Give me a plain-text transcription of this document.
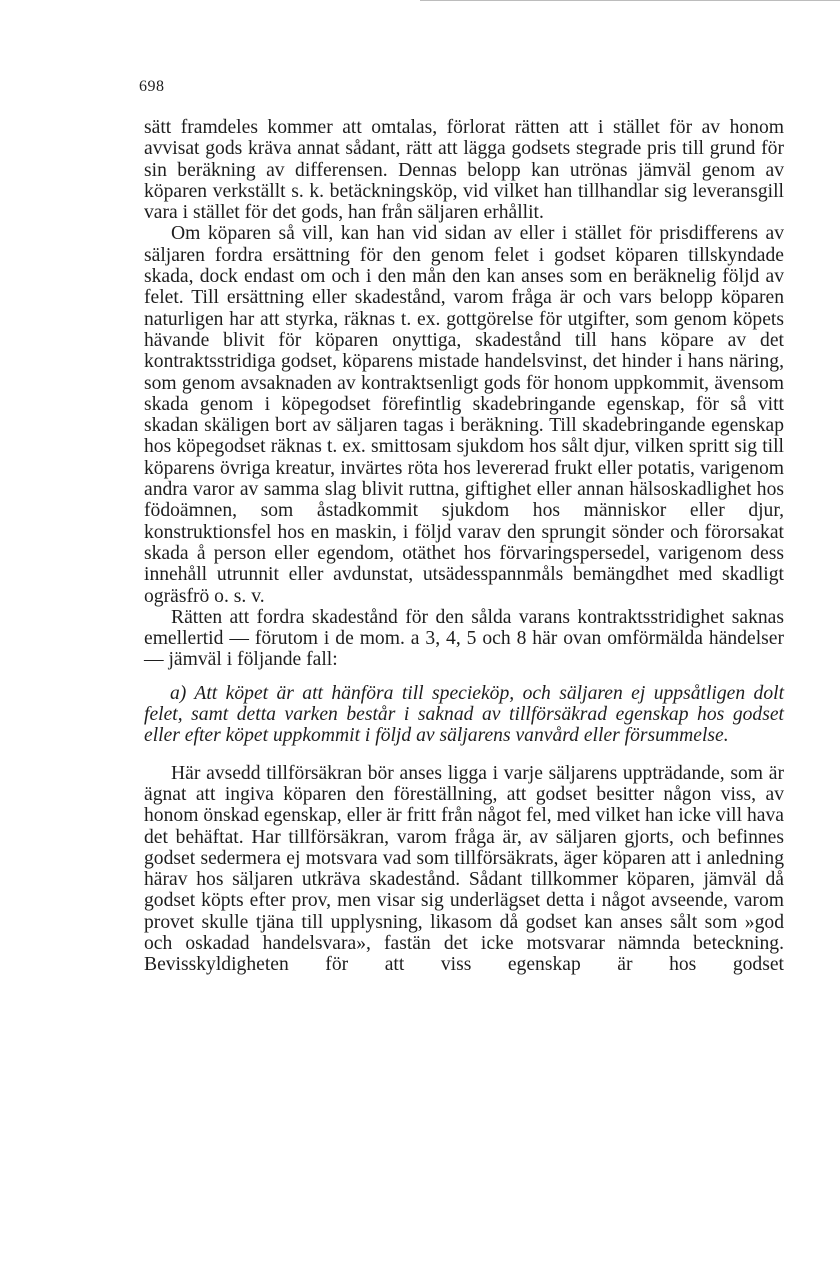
698

sätt framdeles kommer att omtalas, förlorat rätten att i stället för av honom avvisat gods kräva annat sådant, rätt att lägga godsets stegrade pris till grund för sin beräkning av differensen. Dennas belopp kan utrönas jämväl genom av köparen verkställt s. k. betäckningsköp, vid vilket han tillhandlar sig leveransgill vara i stället för det gods, han från säljaren erhållit.

Om köparen så vill, kan han vid sidan av eller i stället för prisdifferens av säljaren fordra ersättning för den genom felet i godset köparen tillskyndade skada, dock endast om och i den mån den kan anses som en beräknelig följd av felet. Till ersättning eller skadestånd, varom fråga är och vars belopp köparen naturligen har att styrka, räknas t. ex. gottgörelse för utgifter, som genom köpets hävande blivit för köparen onyttiga, skadestånd till hans köpare av det kontraktsstridiga godset, köparens mistade handelsvinst, det hinder i hans näring, som genom avsaknaden av kontraktsenligt gods för honom uppkommit, ävensom skada genom i köpegodset förefintlig skadebringande egenskap, för så vitt skadan skäligen bort av säljaren tagas i beräkning. Till skadebringande egenskap hos köpegodset räknas t. ex. smittosam sjukdom hos sålt djur, vilken spritt sig till köparens övriga kreatur, invärtes röta hos levererad frukt eller potatis, varigenom andra varor av samma slag blivit ruttna, giftighet eller annan hälsoskadlighet hos födoämnen, som åstadkommit sjukdom hos människor eller djur, konstruktionsfel hos en maskin, i följd varav den sprungit sönder och förorsakat skada å person eller egendom, otäthet hos förvaringspersedel, varigenom dess innehåll utrunnit eller avdunstat, utsädesspannmåls bemängdhet med skadligt ogräsfrö o. s. v.

Rätten att fordra skadestånd för den sålda varans kontraktsstridighet saknas emellertid — förutom i de mom. a 3, 4, 5 och 8 här ovan omförmälda händelser — jämväl i följande fall:

a) Att köpet är att hänföra till specieköp, och säljaren ej uppsåtligen dolt felet, samt detta varken består i saknad av tillförsäkrad egenskap hos godset eller efter köpet uppkommit i följd av säljarens vanvård eller försummelse.

Här avsedd tillförsäkran bör anses ligga i varje säljarens uppträdande, som är ägnat att ingiva köparen den föreställning, att godset besitter någon viss, av honom önskad egenskap, eller är fritt från något fel, med vilket han icke vill hava det behäftat. Har tillförsäkran, varom fråga är, av säljaren gjorts, och befinnes godset sedermera ej motsvara vad som tillförsäkrats, äger köparen att i anledning härav hos säljaren utkräva skadestånd. Sådant tillkommer köparen, jämväl då godset köpts efter prov, men visar sig underlägset detta i något avseende, varom provet skulle tjäna till upplysning, likasom då godset kan anses sålt som »god och oskadad handelsvara», fastän det icke motsvarar nämnda beteckning. Bevisskyldigheten för att viss egenskap är hos godset
